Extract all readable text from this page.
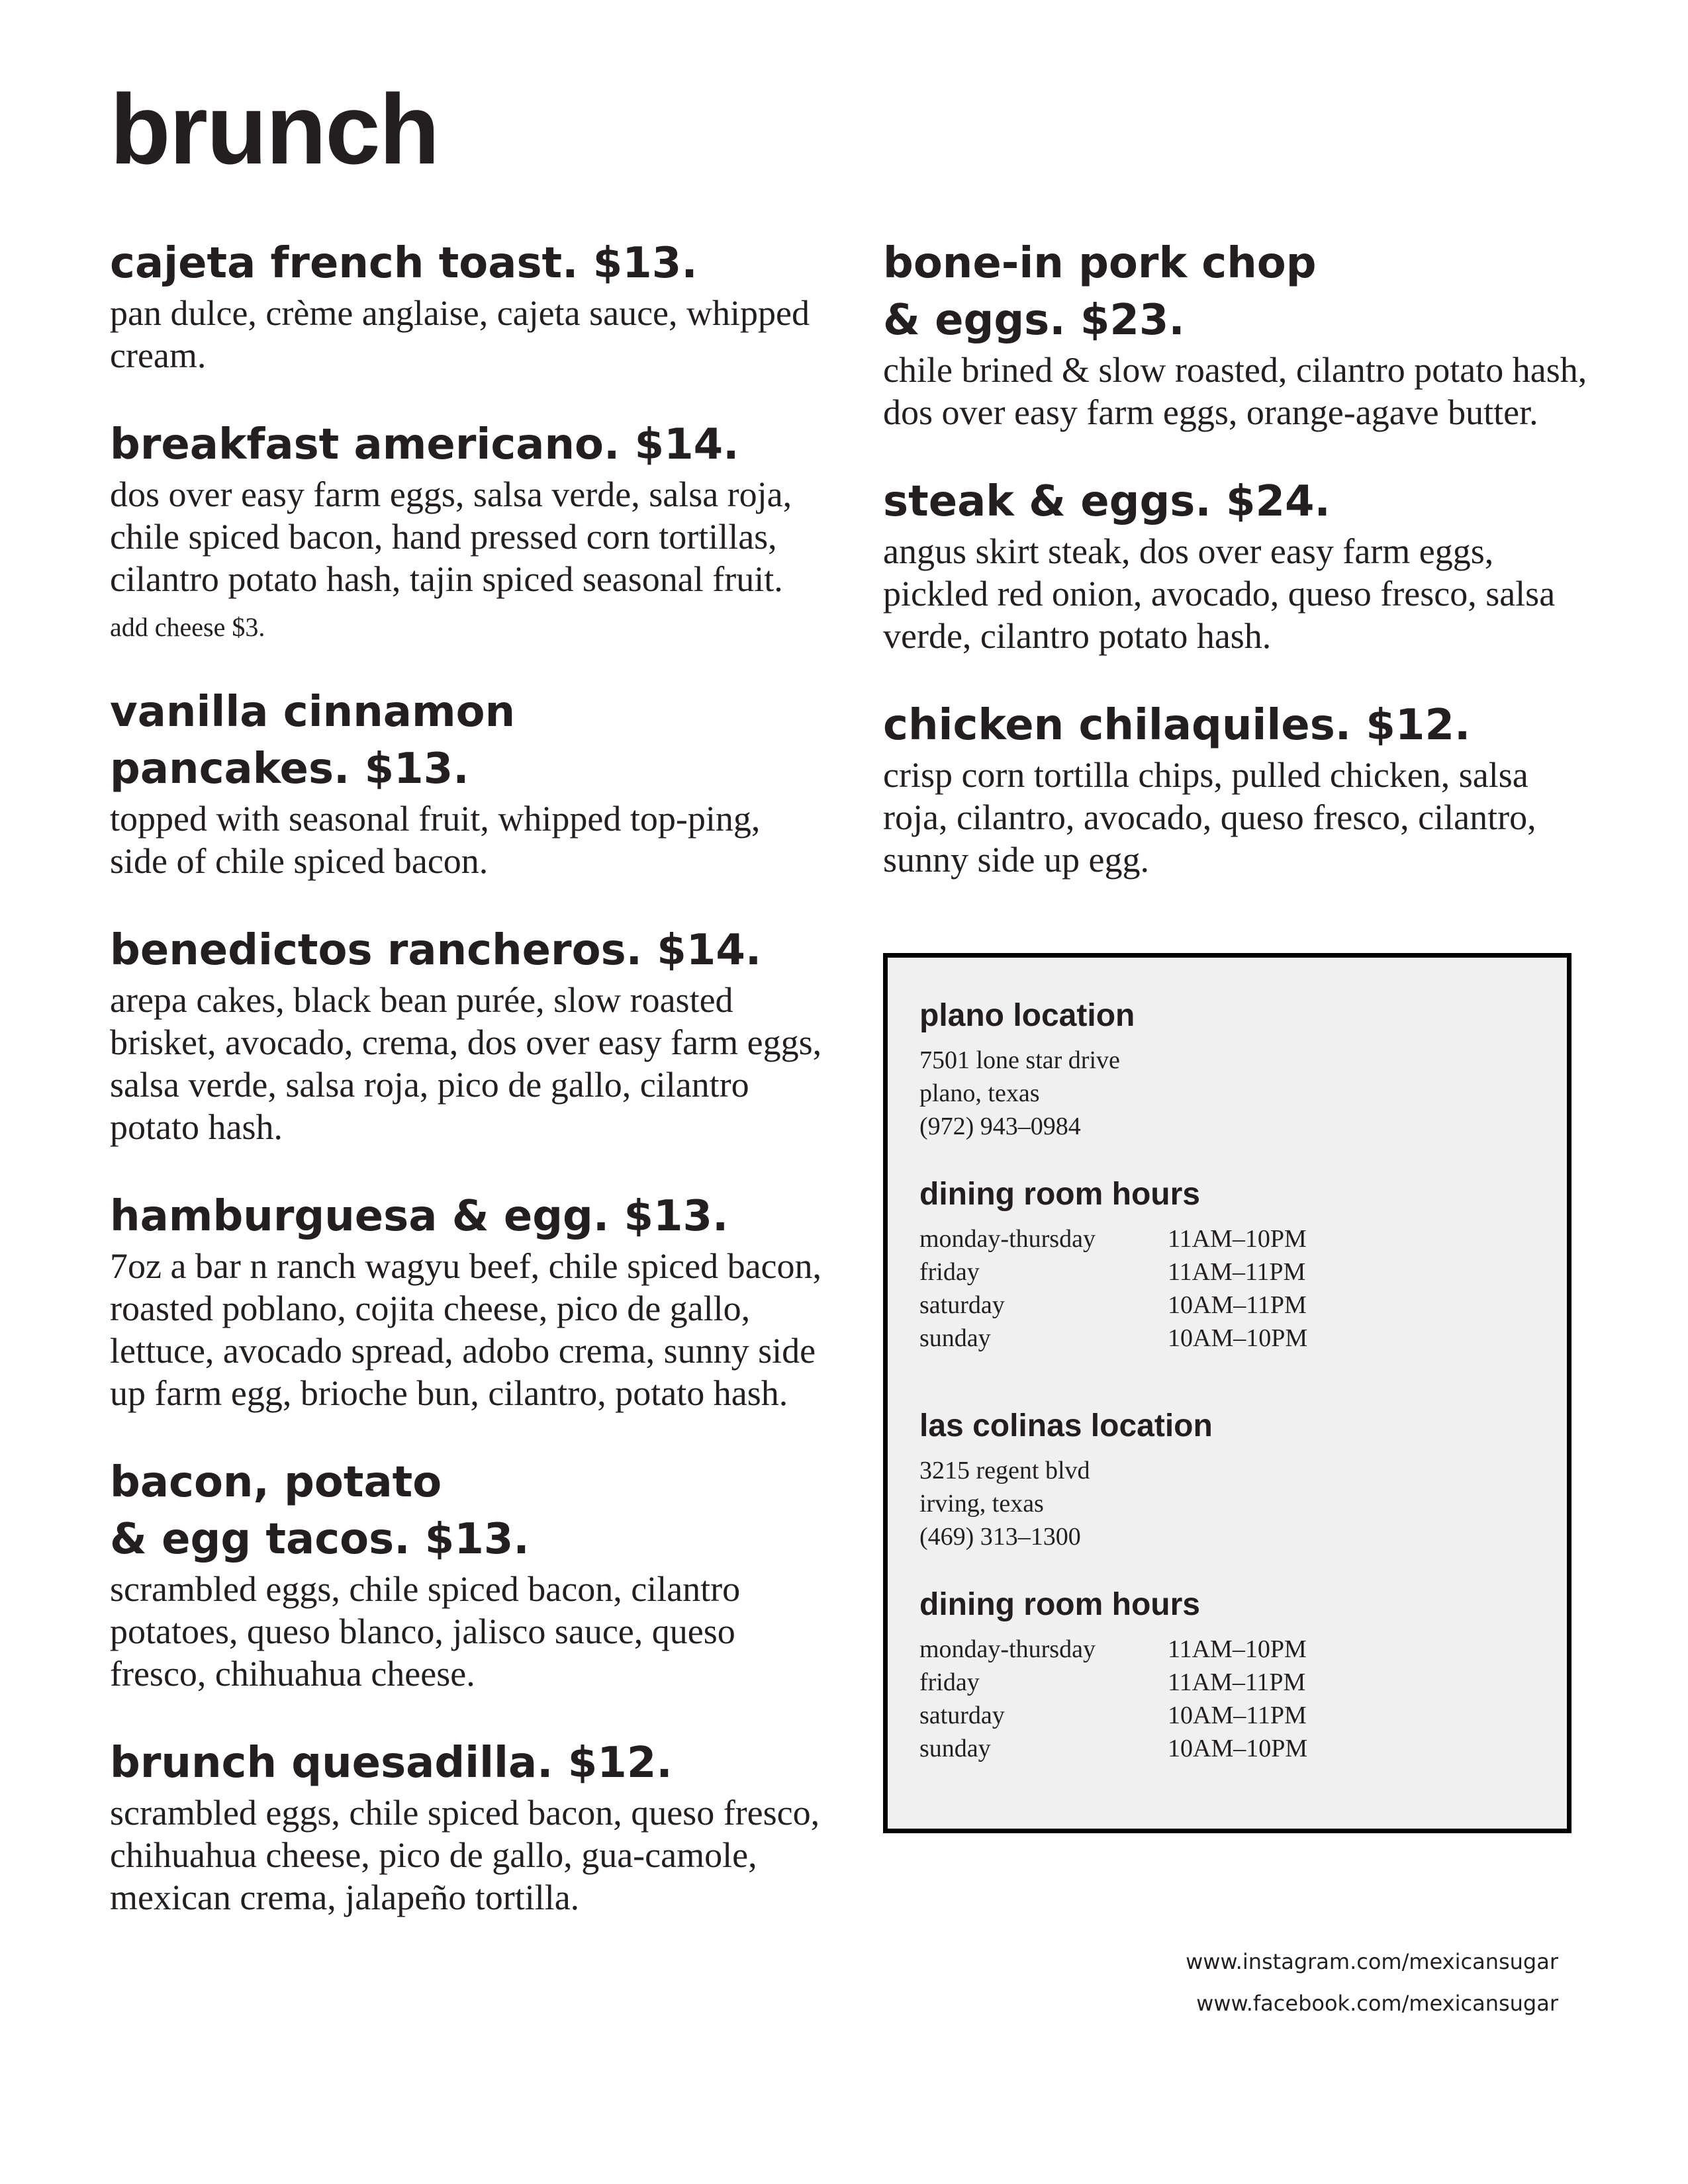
brunch
cajeta french toast. $13.
pan dulce, crème anglaise, cajeta sauce, whipped cream.
breakfast americano. $14.
dos over easy farm eggs, salsa verde, salsa roja, chile spiced bacon, hand pressed corn tortillas, cilantro potato hash, tajin spiced seasonal fruit.
add cheese $3.
vanilla cinnamon
pancakes. $13.
topped with seasonal fruit, whipped top-ping, side of chile spiced bacon.
benedictos rancheros. $14.
arepa cakes, black bean purée, slow roasted brisket, avocado, crema, dos over easy farm eggs, salsa verde, salsa roja, pico de gallo, cilantro potato hash.
hamburguesa & egg. $13.
7oz a bar n ranch wagyu beef, chile spiced bacon, roasted poblano, cojita cheese, pico de gallo, lettuce, avocado spread, adobo crema, sunny side up farm egg, brioche bun, cilantro, potato hash.
bacon, potato
& egg tacos. $13.
scrambled eggs, chile spiced bacon, cilantro potatoes, queso blanco, jalisco sauce, queso fresco, chihuahua cheese.
brunch quesadilla. $12.
scrambled eggs, chile spiced bacon, queso fresco, chihuahua cheese, pico de gallo, gua-camole, mexican crema, jalapeño tortilla.
bone-in pork chop
& eggs. $23.
chile brined & slow roasted, cilantro potato hash, dos over easy farm eggs, orange-agave butter.
steak & eggs. $24.
angus skirt steak, dos over easy farm eggs, pickled red onion, avocado, queso fresco, salsa verde, cilantro potato hash.
chicken chilaquiles. $12.
crisp corn tortilla chips, pulled chicken, salsa roja, cilantro, avocado, queso fresco, cilantro, sunny side up egg.
plano location
7501 lone star drive
plano, texas
(972) 943–0984
dining room hours
monday-thursday	11AM–10PM
friday	11AM–11PM
saturday	10AM–11PM
sunday	10AM–10PM
las colinas location
3215 regent blvd
irving, texas
(469) 313–1300
dining room hours
monday-thursday	11AM–10PM
friday	11AM–11PM
saturday	10AM–11PM
sunday	10AM–10PM
www.instagram.com/mexicansugar
www.facebook.com/mexicansugar
